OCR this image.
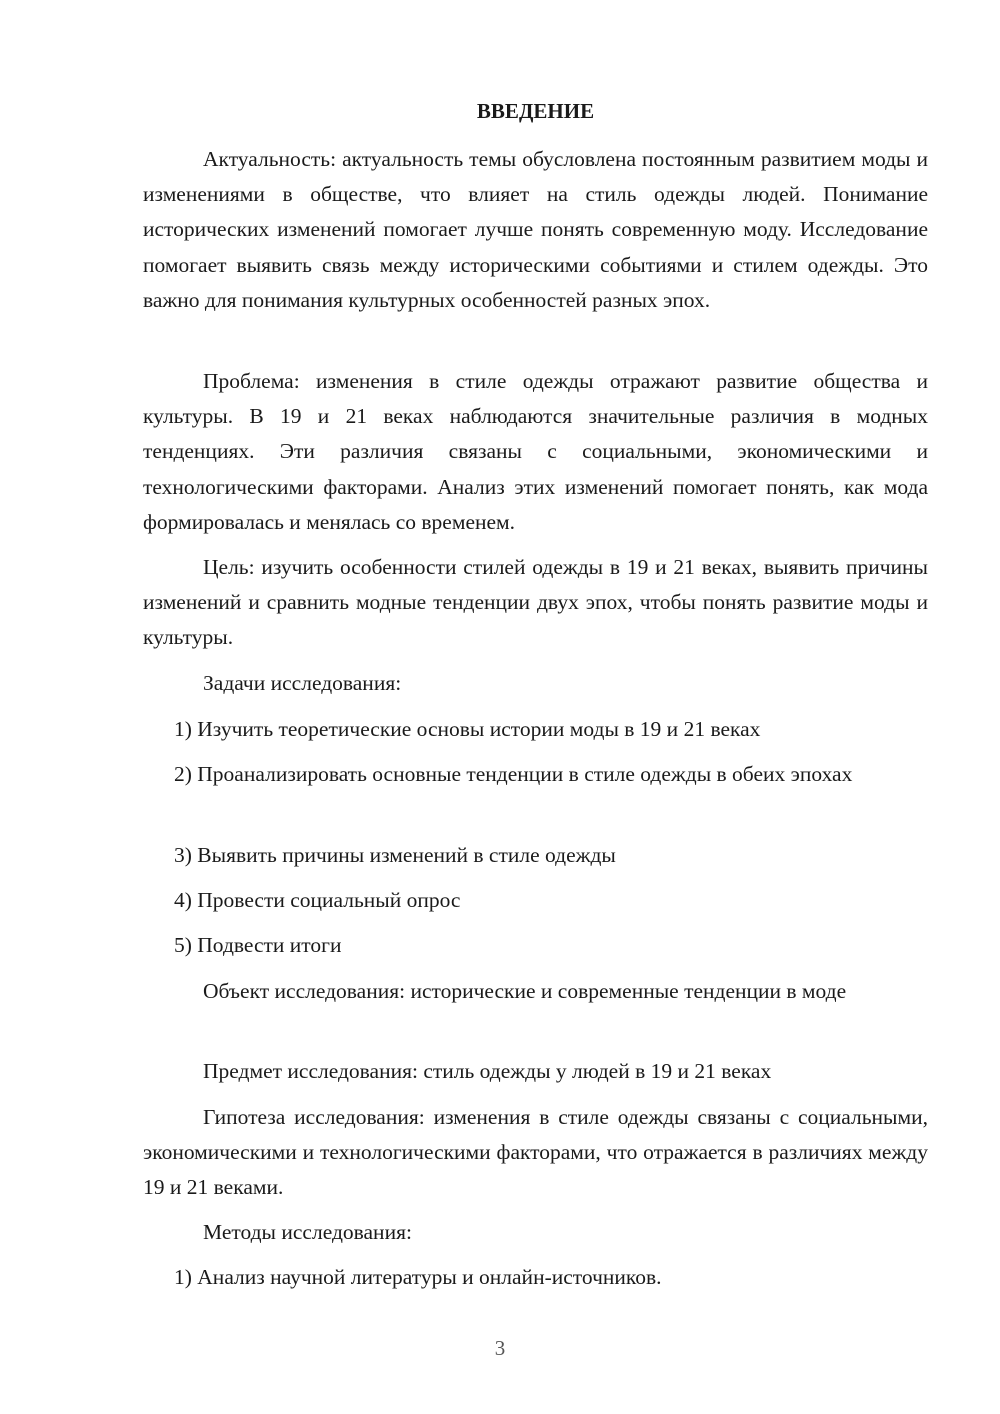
ВВЕДЕНИЕ

Актуальность: актуальность темы обусловлена постоянным развитием моды и изменениями в обществе, что влияет на стиль одежды людей. Понимание исторических изменений помогает лучше понять современную моду. Исследование помогает выявить связь между историческими событиями и стилем одежды. Это важно для понимания культурных особенностей разных эпох.

Проблема: изменения в стиле одежды отражают развитие общества и культуры. В 19 и 21 веках наблюдаются значительные различия в модных тенденциях. Эти различия связаны с социальными, экономическими и технологическими факторами. Анализ этих изменений помогает понять, как мода формировалась и менялась со временем.

Цель: изучить особенности стилей одежды в 19 и 21 веках, выявить причины изменений и сравнить модные тенденции двух эпох, чтобы понять развитие моды и культуры.

Задачи исследования:

1) Изучить теоретические основы истории моды в 19 и 21 веках

2) Проанализировать основные тенденции в стиле одежды в обеих эпохах

3) Выявить причины изменений в стиле одежды

4) Провести социальный опрос

5) Подвести итоги

Объект исследования: исторические и современные тенденции в моде

Предмет исследования: стиль одежды у людей в 19 и 21 веках

Гипотеза исследования: изменения в стиле одежды связаны с социальными, экономическими и технологическими факторами, что отражается в различиях между 19 и 21 веками.

Методы исследования:

1) Анализ научной литературы и онлайн-источников.

3
